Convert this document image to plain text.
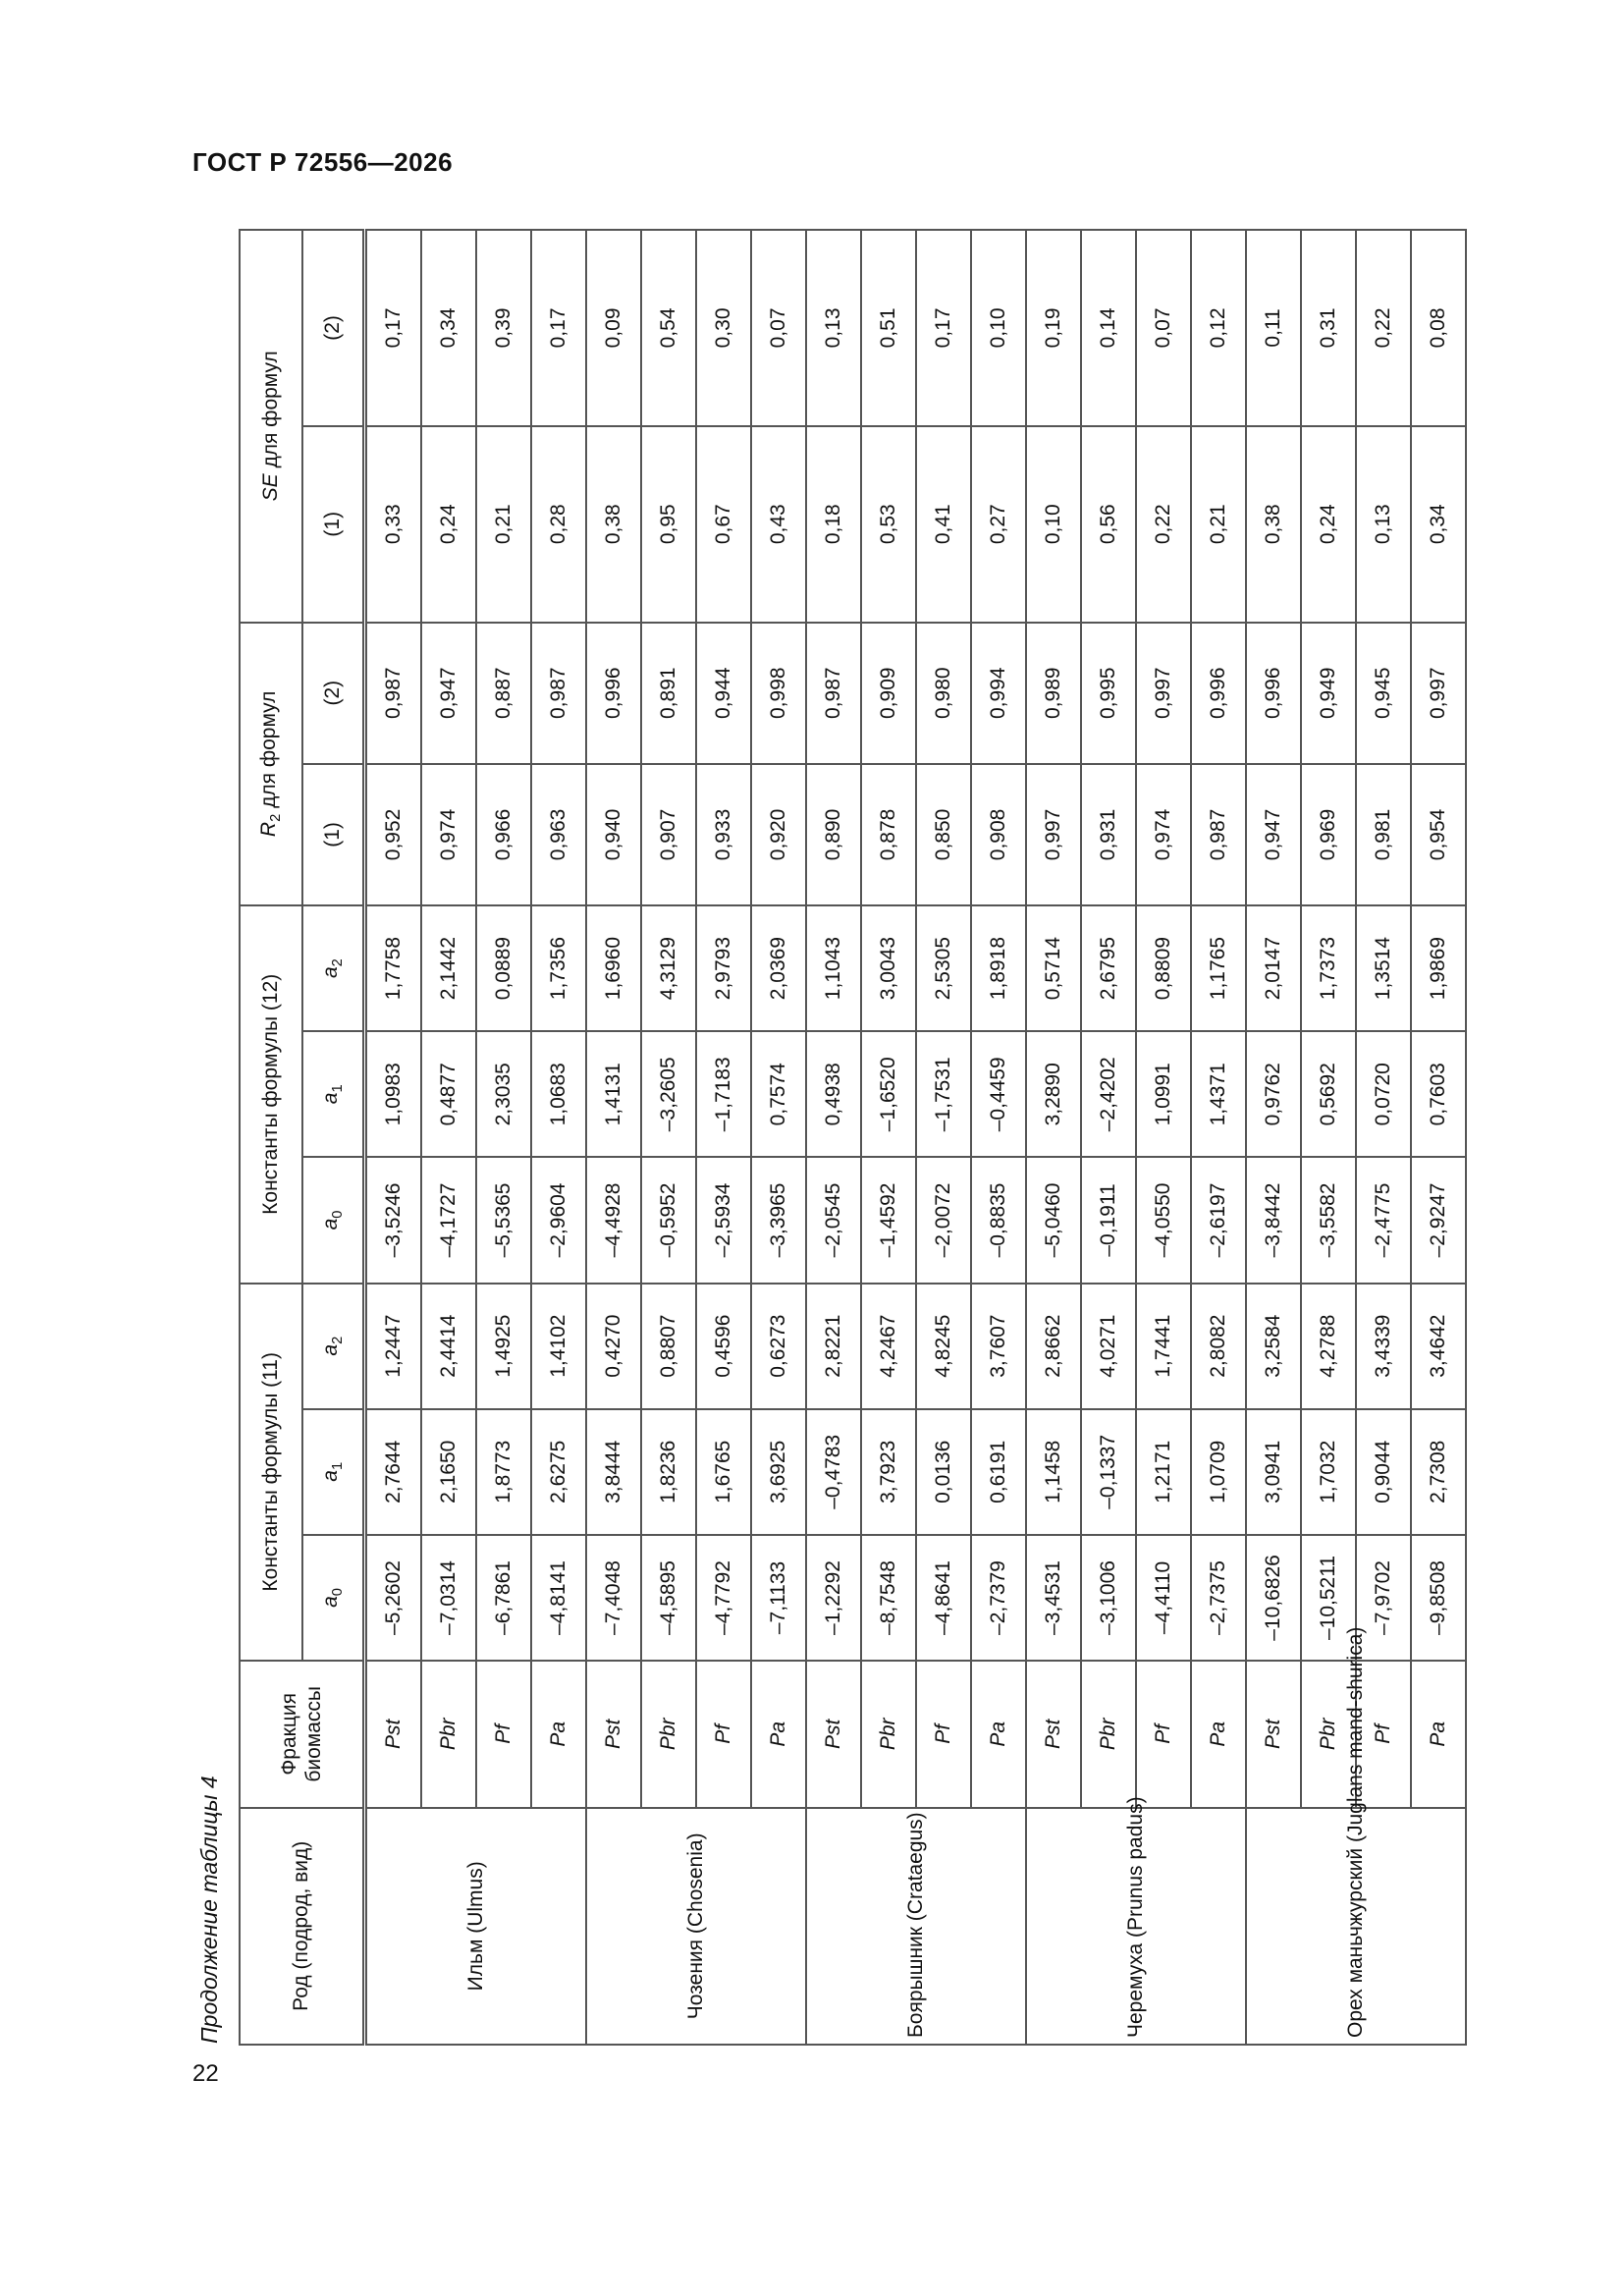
ГОСТ Р 72556—2026
Продолжение таблицы 4	Род (подрод, вид)	Фракция биомассы	Константы формулы (11)			Константы формулы (12)			$R_2$ для формул		SE для формул	
		$a_0$	$a_1$	$a_2$	$a_0$	$a_1$	$a_2$	(1)	(2)	(1)	(2)
Ильм (Ulmus)	Pst	–5,2602	2,7644	1,2447	–3,5246	1,0983	1,7758	0,952	0,987	0,33	0,17
	Pbr	–7,0314	2,1650	2,4414	–4,1727	0,4877	2,1442	0,974	0,947	0,24	0,34
	Pf	–6,7861	1,8773	1,4925	–5,5365	2,3035	0,0889	0,966	0,887	0,21	0,39
	Pa	–4,8141	2,6275	1,4102	–2,9604	1,0683	1,7356	0,963	0,987	0,28	0,17
Чозения (Chosenia)	Pst	–7,4048	3,8444	0,4270	–4,4928	1,4131	1,6960	0,940	0,996	0,38	0,09
	Pbr	–4,5895	1,8236	0,8807	–0,5952	–3,2605	4,3129	0,907	0,891	0,95	0,54
	Pf	–4,7792	1,6765	0,4596	–2,5934	–1,7183	2,9793	0,933	0,944	0,67	0,30
	Pa	–7,1133	3,6925	0,6273	–3,3965	0,7574	2,0369	0,920	0,998	0,43	0,07
Боярышник (Crataegus)	Pst	–1,2292	–0,4783	2,8221	–2,0545	0,4938	1,1043	0,890	0,987	0,18	0,13
	Pbr	–8,7548	3,7923	4,2467	–1,4592	–1,6520	3,0043	0,878	0,909	0,53	0,51
	Pf	–4,8641	0,0136	4,8245	–2,0072	–1,7531	2,5305	0,850	0,980	0,41	0,17
	Pa	–2,7379	0,6191	3,7607	–0,8835	–0,4459	1,8918	0,908	0,994	0,27	0,10
Черемуха (Prunus padus)	Pst	–3,4531	1,1458	2,8662	–5,0460	3,2890	0,5714	0,997	0,989	0,10	0,19
	Pbr	–3,1006	–0,1337	4,0271	–0,1911	–2,4202	2,6795	0,931	0,995	0,56	0,14
	Pf	–4,4110	1,2171	1,7441	–4,0550	1,0991	0,8809	0,974	0,997	0,22	0,07
	Pa	–2,7375	1,0709	2,8082	–2,6197	1,4371	1,1765	0,987	0,996	0,21	0,12
Орех маньчжурский (Juglans mand-shurica)	Pst	–10,6826	3,0941	3,2584	–3,8442	0,9762	2,0147	0,947	0,996	0,38	0,11
	Pbr	–10,5211	1,7032	4,2788	–3,5582	0,5692	1,7373	0,969	0,949	0,24	0,31
	Pf	–7,9702	0,9044	3,4339	–2,4775	0,0720	1,3514	0,981	0,945	0,13	0,22
	Pa	–9,8508	2,7308	3,4642	–2,9247	0,7603	1,9869	0,954	0,997	0,34	0,08
22
